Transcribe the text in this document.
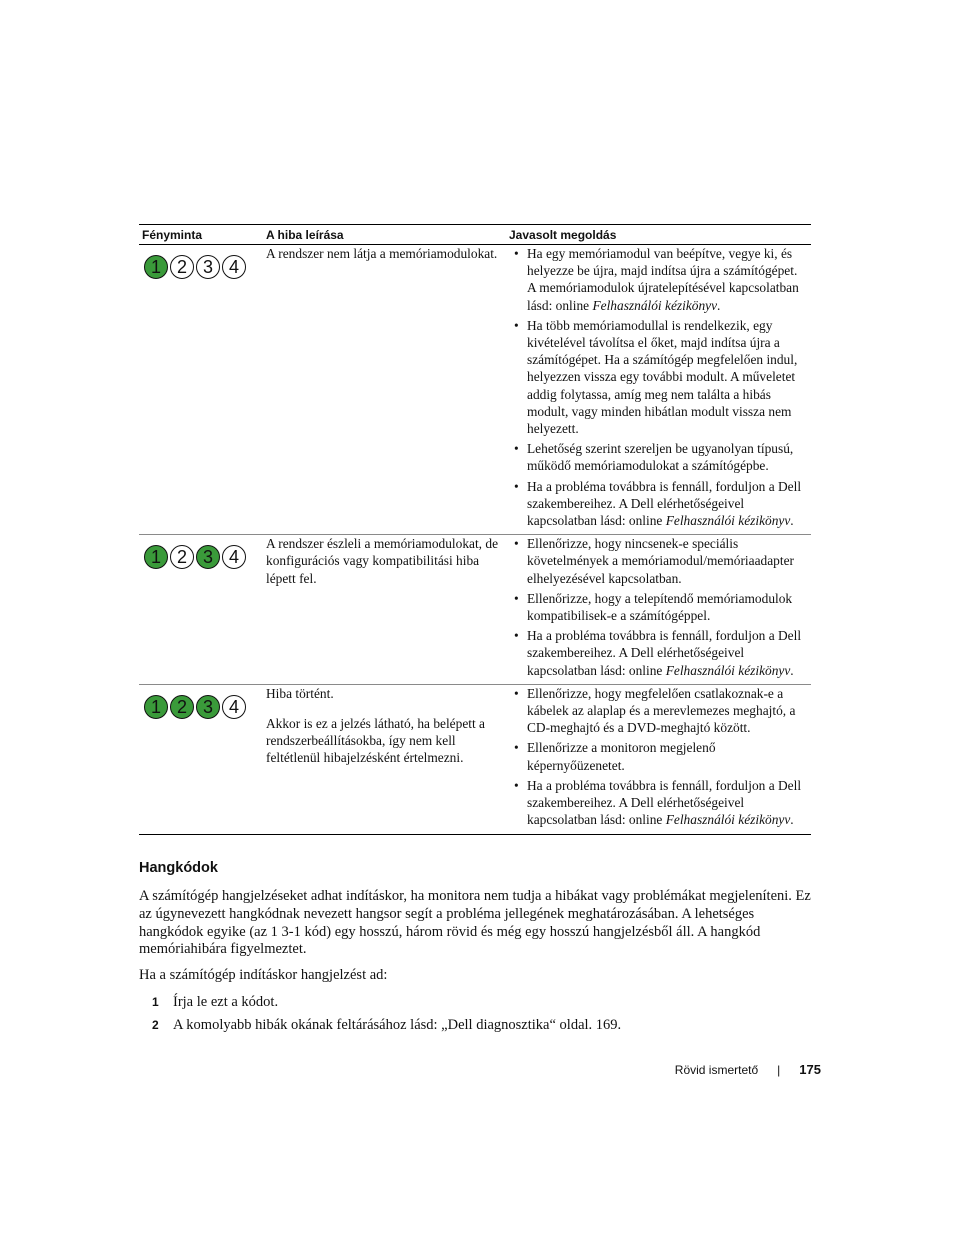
Fényminta	A hiba leírása	Javasolt megoldás
1 2 3 4

A rendszer nem látja a memóriamodulokat.

•	Ha egy memóriamodul van beépítve, vegye ki, és helyezze be újra, majd indítsa újra a számítógépet. A memóriamodulok újratelepítésével kapcsolatban lásd: online Felhasználói kézikönyv.
• Ha több memóriamodullal is rendelkezik, egy kivételével távolítsa el őket, majd indítsa újra a számítógépet. Ha a számítógép megfelelően indul, helyezzen vissza egy további modult. A műveletet addig folytassa, amíg meg nem találta a hibás modult, vagy minden hibátlan modult vissza nem helyezett.
• Lehetőség szerint szereljen be ugyanolyan típusú, működő memóriamodulokat a számítógépbe.
• Ha a probléma továbbra is fennáll, forduljon a Dell szakembereihez. A Dell elérhetőségeivel kapcsolatban lásd: online Felhasználói kézikönyv.
1 2 3 4

A rendszer észleli a memóriamodulokat, de konfigurációs vagy kompatibilitási hiba lépett fel.

• Ellenőrizze, hogy nincsenek-e speciális követelmények a memóriamodul/memóriaadapter elhelyezésével kapcsolatban.
• Ellenőrizze, hogy a telepítendő memóriamodulok kompatibilisek-e a számítógéppel.
• Ha a probléma továbbra is fennáll, forduljon a Dell szakembereihez. A Dell elérhetőségeivel kapcsolatban lásd: online Felhasználói kézikönyv.
1 2 3 4

Hiba történt.

Akkor is ez a jelzés látható, ha belépett a rendszerbeállításokba, így nem kell feltétlenül hibajelzésként értelmezni.

• Ellenőrizze, hogy megfelelően csatlakoznak-e a kábelek az alaplap és a merevlemezes meghajtó, a CD-meghajtó és a DVD-meghajtó között.
• Ellenőrizze a monitoron megjelenő képernyőüzenetet.
• Ha a probléma továbbra is fennáll, forduljon a Dell szakembereihez. A Dell elérhetőségeivel kapcsolatban lásd: online Felhasználói kézikönyv.
Hangkódok

A számítógép hangjelzéseket adhat indításkor, ha monitora nem tudja a hibákat vagy problémákat megjeleníteni. Ez az úgynevezett hangkódnak nevezett hangsor segít a probléma jellegének meghatározásában. A lehetséges hangkódok egyike (az 1 3-1 kód) egy hosszú, három rövid és még egy hosszú hangjelzésből áll. A hangkód memóriahibára figyelmeztet.

Ha a számítógép indításkor hangjelzést ad:

1 Írja le ezt a kódot.
2 A komolyabb hibák okának feltárásához lásd: „Dell diagnosztika“ oldal. 169.
Rövid ismertető | 175
